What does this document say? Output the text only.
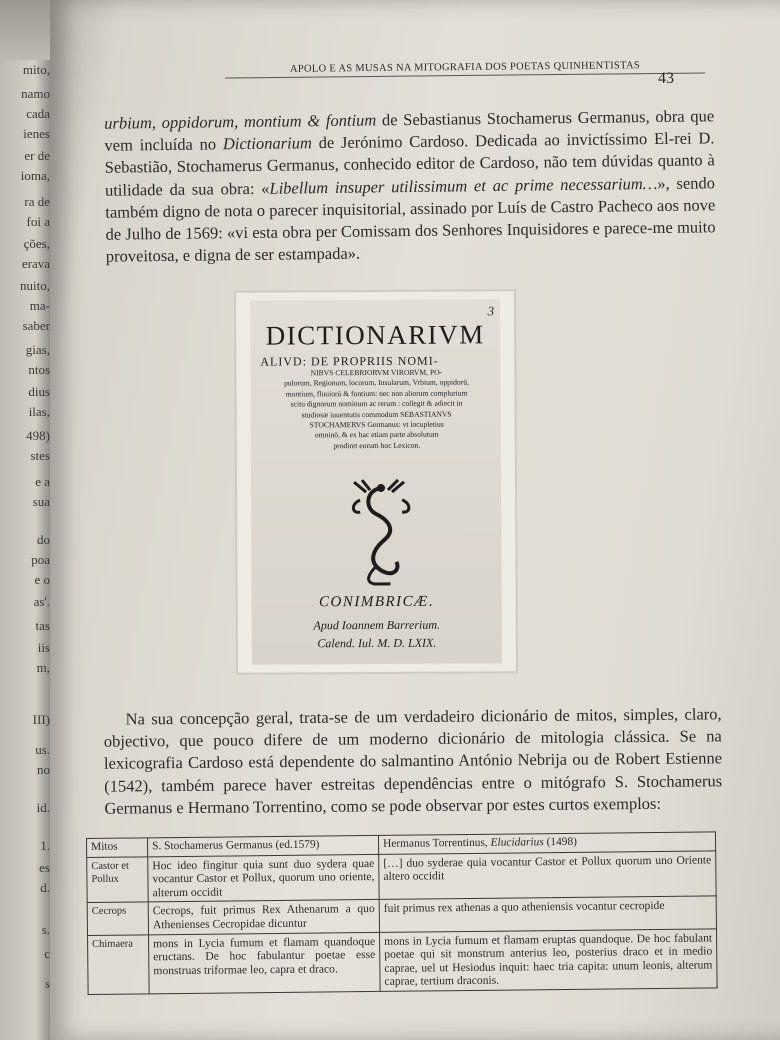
mito,
namo
cada
ienes
er de
ioma,
ra de
foi a
ções,
erava
nuito,
ma-
saber
gias,
ntos
dius
ilas,
498)
stes
e a
sua
do
poa
e o
as'.
tas
iis
m,
III)
us.
no
id.
1.
es
d.
s.
c
s
APOLO E AS MUSAS NA MITOGRAFIA DOS POETAS QUINHENTISTAS
43
urbium, oppidorum, montium & fontium de Sebastianus Stochamerus Germanus, obra que vem incluída no Dictionarium de Jerónimo Cardoso. Dedicada ao invictíssimo El-rei D. Sebastião, Stochamerus Germanus, conhecido editor de Cardoso, não tem dúvidas quanto à utilidade da sua obra: «Libellum insuper utilissimum et ac prime necessarium…», sendo também digno de nota o parecer inquisitorial, assinado por Luís de Castro Pacheco aos nove de Julho de 1569: «vi esta obra per Comissam dos Senhores Inquisidores e parece-me muito proveitosa, e digna de ser estampada».
3
DICTIONARIVM
ALIVD: DE PROPRIIS NOMI-
NIBVS CELEBRIORVM VIRORVM, PO-
pulorum, Regionum, locorum, Insularum, Vrbium, oppidorū,
montium, fluuiorū & fontium: nec non aliorum complurium
scitu dignorum nominum ac rerum : collegit & adiecit in
studiosæ iuuentutis commodum SEBASTIANVS
STOCHAMERVS Germanus: vt locupletius
omninò, & ex hac etiam parte absolutum
prodiret eorum hoc Lexicon.
CONIMBRICÆ.
Apud Ioannem Barrerium.
Calend. Iul. M. D. LXIX.
Na sua concepção geral, trata-se de um verdadeiro dicionário de mitos, simples, claro, objectivo, que pouco difere de um moderno dicionário de mitologia clássica. Se na lexicografia Cardoso está dependente do salmantino António Nebrija ou de Robert Estienne (1542), também parece haver estreitas dependências entre o mitógrafo S. Stochamerus Germanus e Hermano Torrentino, como se pode observar por estes curtos exemplos:
Mitos	S. Stochamerus Germanus (ed.1579)	Hermanus Torrentinus, Elucidarius (1498)
Castor et Pollux	Hoc ideo fingitur quia sunt duo sydera quae vocantur Castor et Pollux, quorum uno oriente, alterum occidit	[…] duo syderae quia vocantur Castor et Pollux quorum uno Oriente altero occidit
Cecrops	Cecrops, fuit primus Rex Athenarum a quo Athenienses Cecropidae dicuntur	fuit primus rex athenas a quo atheniensis vocantur cecropide
Chimaera	mons in Lycia fumum et flamam quandoque eructans. De hoc fabulantur poetae esse monstruas triformae leo, capra et draco.	mons in Lycia fumum et flamam eruptas quandoque. De hoc fabulant poetae qui sit monstrum anterius leo, posterius draco et in medio caprae, uel ut Hesiodus inquit: haec tria capita: unum leonis, alterum caprae, tertium draconis.
